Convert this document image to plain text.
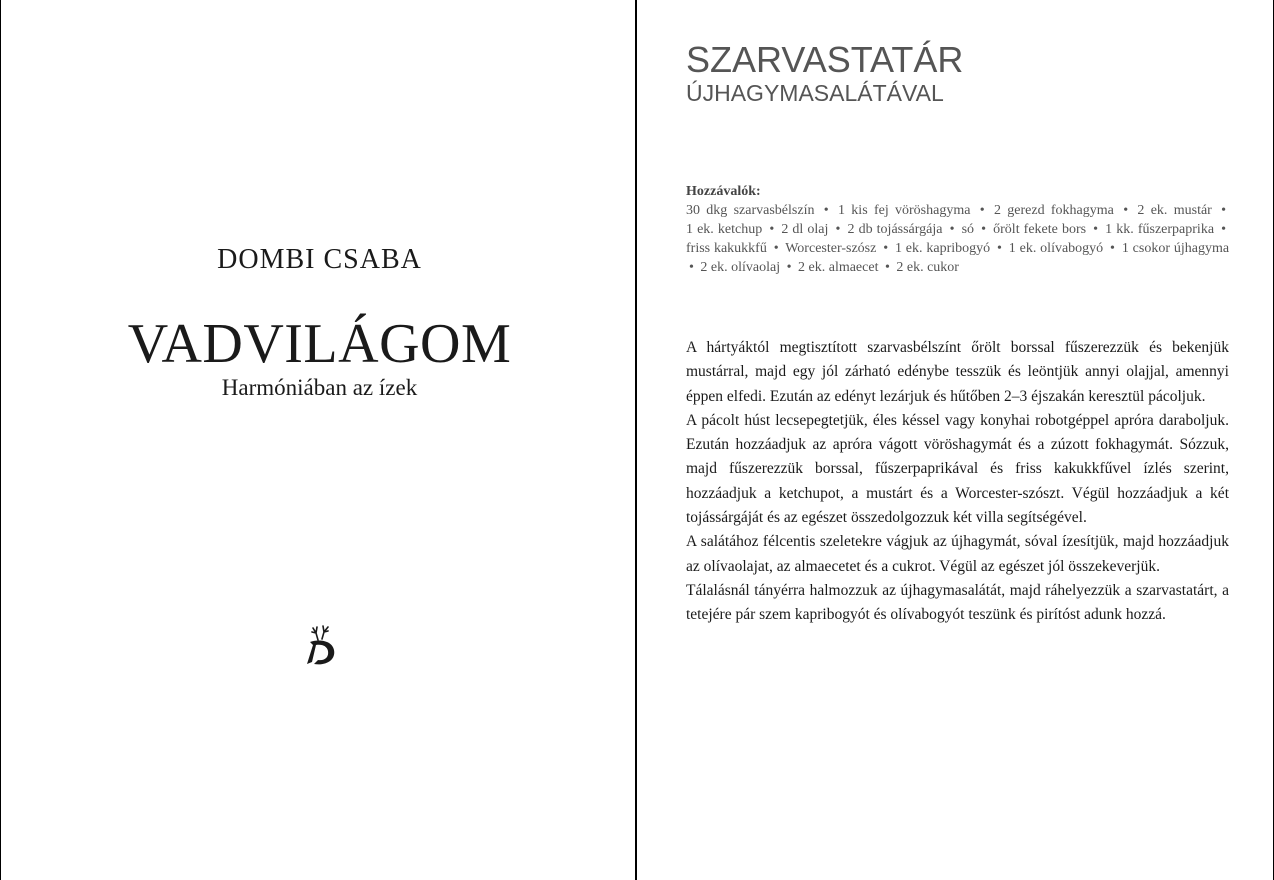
DOMBI CSABA
VADVILÁGOM
Harmóniában az ízek
SZARVASTATÁR
ÚJHAGYMASALÁTÁVAL
Hozzávalók:
30 dkg szarvasbélszín • 1 kis fej vöröshagyma • 2 gerezd fokhagyma • 2 ek. mustár • 1 ek. ketchup • 2 dl olaj • 2 db tojássárgája • só • őrölt fekete bors • 1 kk. fűszerpaprika • friss kakukkfű • Worcester-szósz • 1 ek. kapribogyó • 1 ek. olívabogyó • 1 csokor újhagyma • 2 ek. olívaolaj • 2 ek. almaecet • 2 ek. cukor

A hártyáktól megtisztított szarvasbélszínt őrölt borssal fűszerezzük és bekenjük mustárral, majd egy jól zárható edénybe tesszük és leöntjük annyi olajjal, amennyi éppen elfedi. Ezután az edényt lezárjuk és hűtőben 2–3 éjszakán keresztül pácoljuk.

A pácolt húst lecsepegtetjük, éles késsel vagy konyhai robotgéppel apróra daraboljuk. Ezután hozzáadjuk az apróra vágott vöröshagymát és a zúzott fokhagymát. Sózzuk, majd fűszerezzük borssal, fűszerpaprikával és friss kakukkfűvel ízlés szerint, hozzáadjuk a ketchupot, a mustárt és a Worcester-szószt. Végül hozzáadjuk a két tojássárgáját és az egészet összedolgozzuk két villa segítségével.

A salátához félcentis szeletekre vágjuk az újhagymát, sóval ízesítjük, majd hozzáadjuk az olívaolajat, az almaecetet és a cukrot. Végül az egészet jól összekeverjük.

Tálalásnál tányérra halmozzuk az újhagymasalátát, majd ráhelyezzük a szarvastatárt, a tetejére pár szem kapribogyót és olívabogyót teszünk és pirítóst adunk hozzá.
